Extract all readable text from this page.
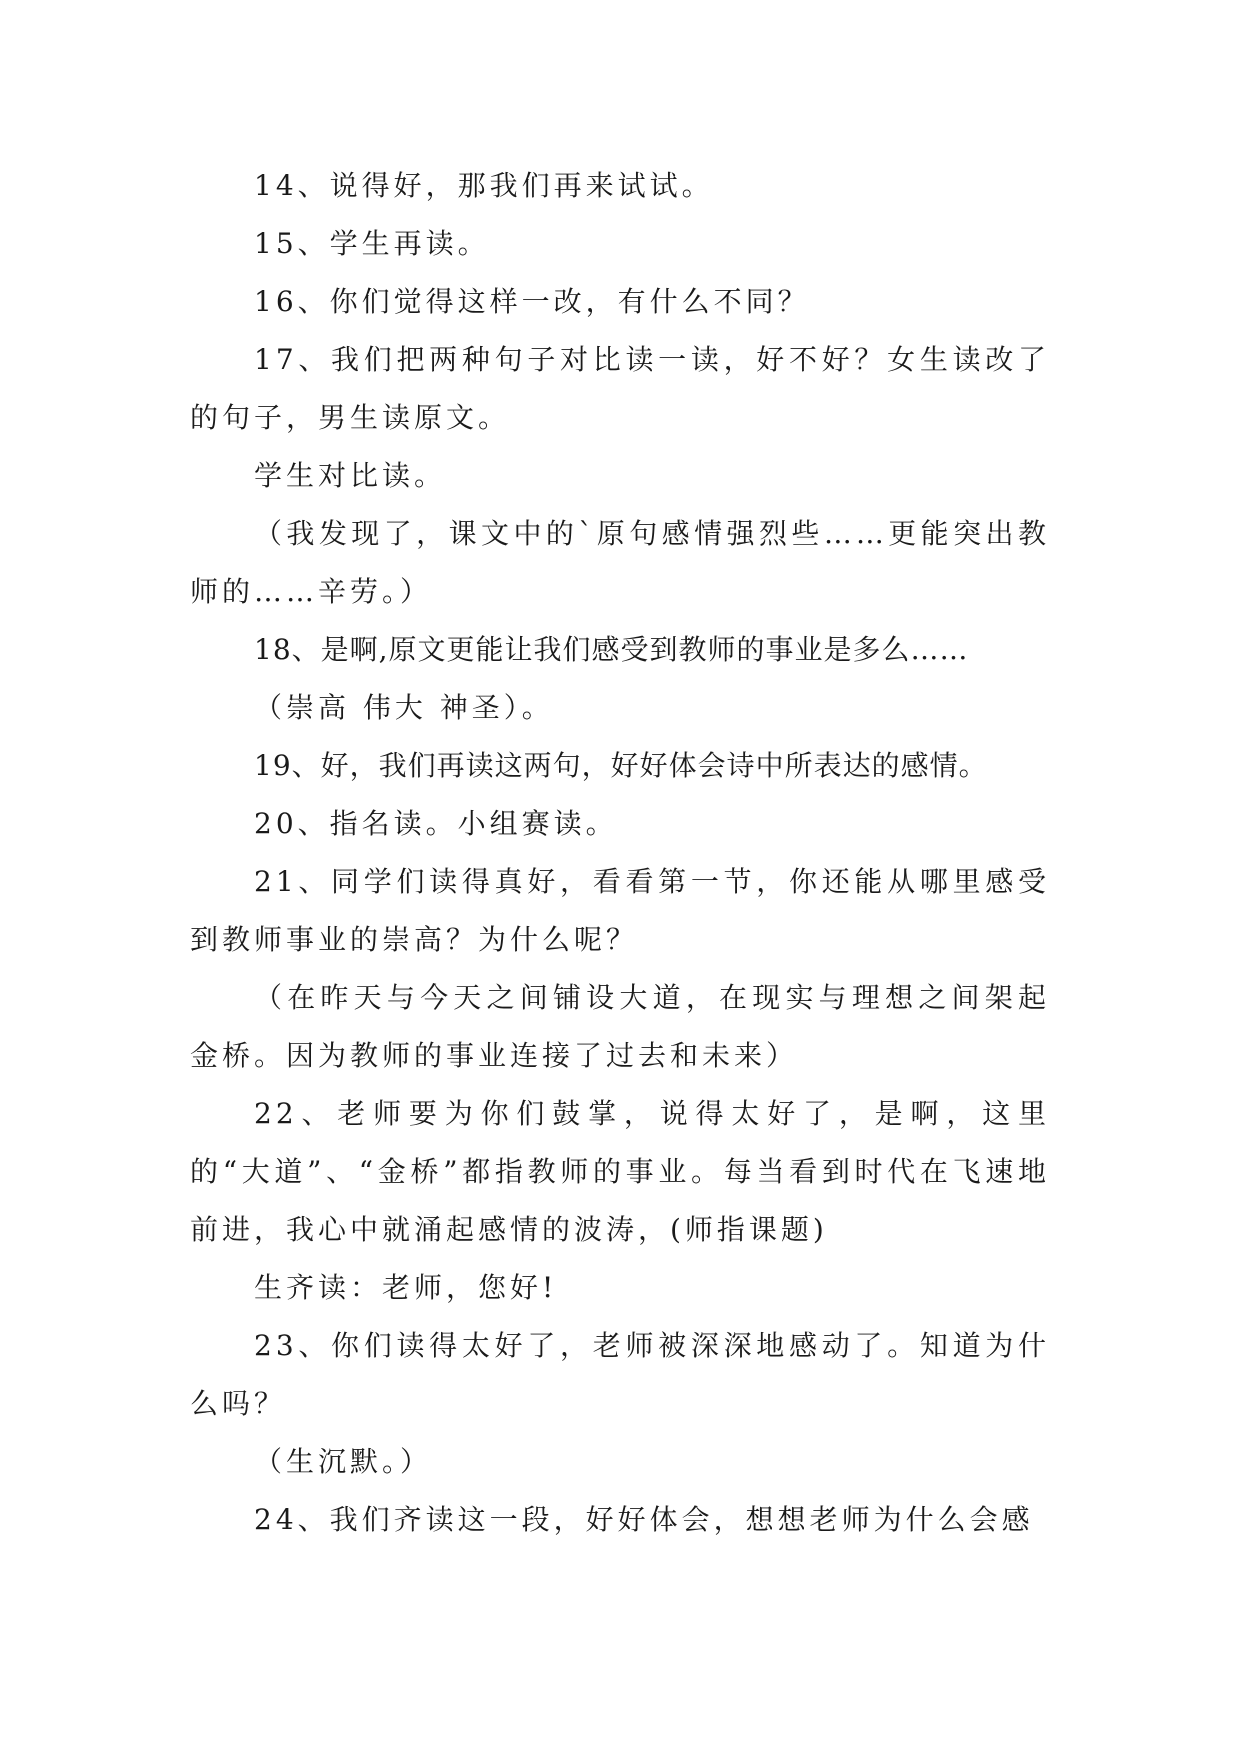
14、说得好，那我们再来试试。

15、学生再读。

16、你们觉得这样一改，有什么不同？

17、我们把两种句子对比读一读，好不好？女生读改了的句子，男生读原文。

学生对比读。

（我发现了，课文中的`原句感情强烈些……更能突出教师的……辛劳。）

18、是啊,原文更能让我们感受到教师的事业是多么……

（崇高 伟大 神圣）。

19、好，我们再读这两句，好好体会诗中所表达的感情。

20、指名读。小组赛读。

21、同学们读得真好，看看第一节，你还能从哪里感受到教师事业的崇高？为什么呢？

（在昨天与今天之间铺设大道，在现实与理想之间架起金桥。因为教师的事业连接了过去和未来）

22、老师要为你们鼓掌，说得太好了，是啊，这里的“大道”、“金桥”都指教师的事业。每当看到时代在飞速地前进，我心中就涌起感情的波涛，(师指课题)

生齐读：老师，您好!

23、你们读得太好了，老师被深深地感动了。知道为什么吗？

（生沉默。）

24、我们齐读这一段，好好体会，想想老师为什么会感
